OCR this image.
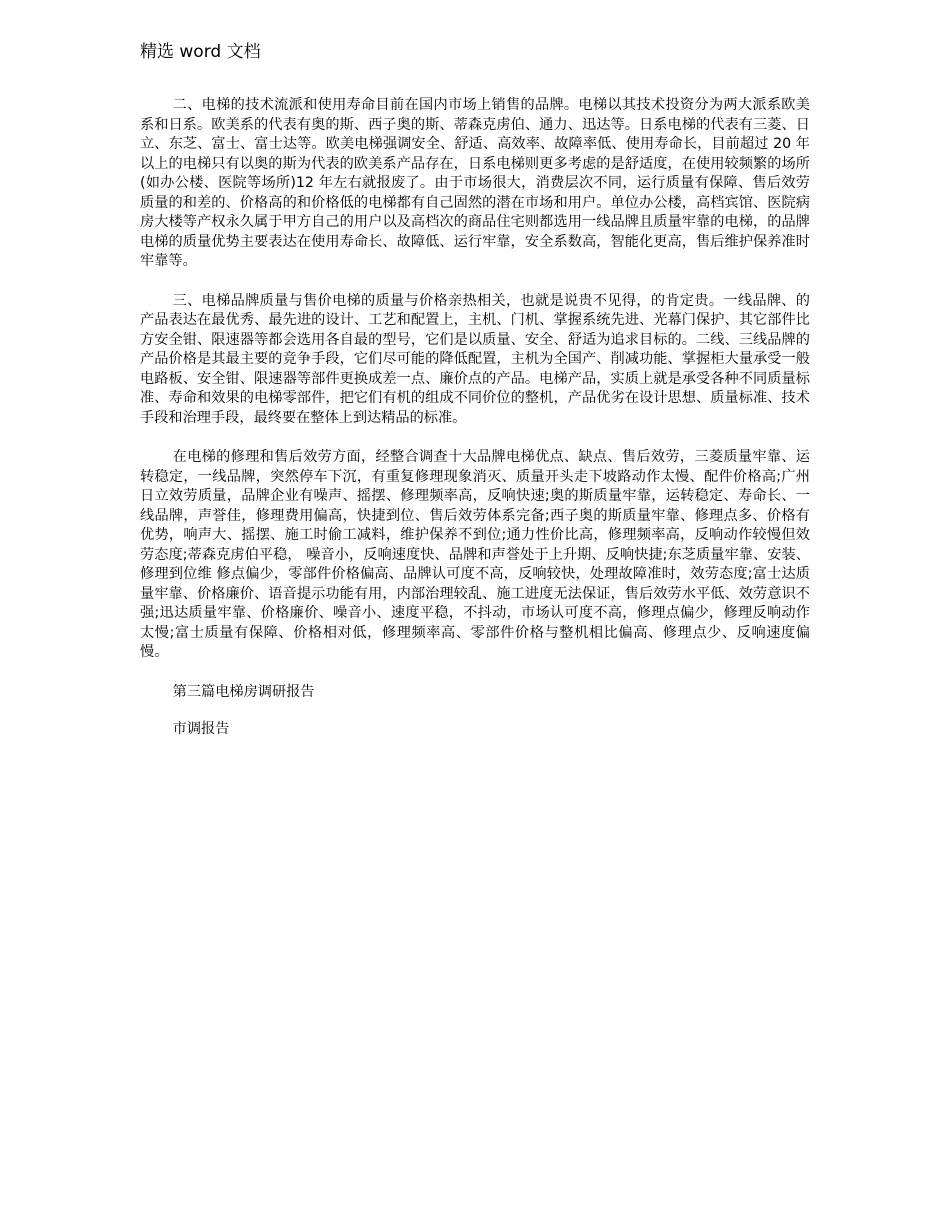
精选 word 文档

二、电梯的技术流派和使用寿命目前在国内市场上销售的品牌。电梯以其技术投资分为两大派系欧美系和日系。欧美系的代表有奥的斯、西子奥的斯、蒂森克虏伯、通力、迅达等。日系电梯的代表有三菱、日立、东芝、富士、富士达等。欧美电梯强调安全、舒适、高效率、故障率低、使用寿命长，目前超过 20 年以上的电梯只有以奥的斯为代表的欧美系产品存在，日系电梯则更多考虑的是舒适度，在使用较频繁的场所(如办公楼、医院等场所)12 年左右就报废了。由于市场很大，消费层次不同，运行质量有保障、售后效劳质量的和差的、价格高的和价格低的电梯都有自己固然的潜在市场和用户。单位办公楼，高档宾馆、医院病房大楼等产权永久属于甲方自己的用户以及高档次的商品住宅则都选用一线品牌且质量牢靠的电梯，的品牌电梯的质量优势主要表达在使用寿命长、故障低、运行牢靠，安全系数高，智能化更高，售后维护保养准时牢靠等。

三、电梯品牌质量与售价电梯的质量与价格亲热相关，也就是说贵不见得，的肯定贵。一线品牌、的产品表达在最优秀、最先进的设计、工艺和配置上，主机、门机、掌握系统先进、光幕门保护、其它部件比方安全钳、限速器等都会选用各自最的型号，它们是以质量、安全、舒适为追求目标的。二线、三线品牌的产品价格是其最主要的竞争手段，它们尽可能的降低配置，主机为全国产、削减功能、掌握柜大量承受一般电路板、安全钳、限速器等部件更换成差一点、廉价点的产品。电梯产品，实质上就是承受各种不同质量标准、寿命和效果的电梯零部件，把它们有机的组成不同价位的整机，产品优劣在设计思想、质量标准、技术手段和治理手段，最终要在整体上到达精品的标准。

在电梯的修理和售后效劳方面，经整合调查十大品牌电梯优点、缺点、售后效劳，三菱质量牢靠、运转稳定，一线品牌，突然停车下沉，有重复修理现象消灭、质量开头走下坡路动作太慢、配件价格高;广州日立效劳质量，品牌企业有噪声、摇摆、修理频率高，反响快速;奥的斯质量牢靠，运转稳定、寿命长、一线品牌，声誉佳，修理费用偏高，快捷到位、售后效劳体系完备;西子奥的斯质量牢靠、修理点多、价格有优势，响声大、摇摆、施工时偷工减料，维护保养不到位;通力性价比高，修理频率高，反响动作较慢但效劳态度;蒂森克虏伯平稳， 噪音小，反响速度快、品牌和声誉处于上升期、反响快捷;东芝质量牢靠、安装、修理到位维 修点偏少，零部件价格偏高、品牌认可度不高，反响较快，处理故障准时，效劳态度;富士达质量牢靠、价格廉价、语音提示功能有用，内部治理较乱、施工进度无法保证，售后效劳水平低、效劳意识不强;迅达质量牢靠、价格廉价、噪音小、速度平稳，不抖动，市场认可度不高，修理点偏少，修理反响动作太慢;富士质量有保障、价格相对低，修理频率高、零部件价格与整机相比偏高、修理点少、反响速度偏慢。

第三篇电梯房调研报告

市调报告
